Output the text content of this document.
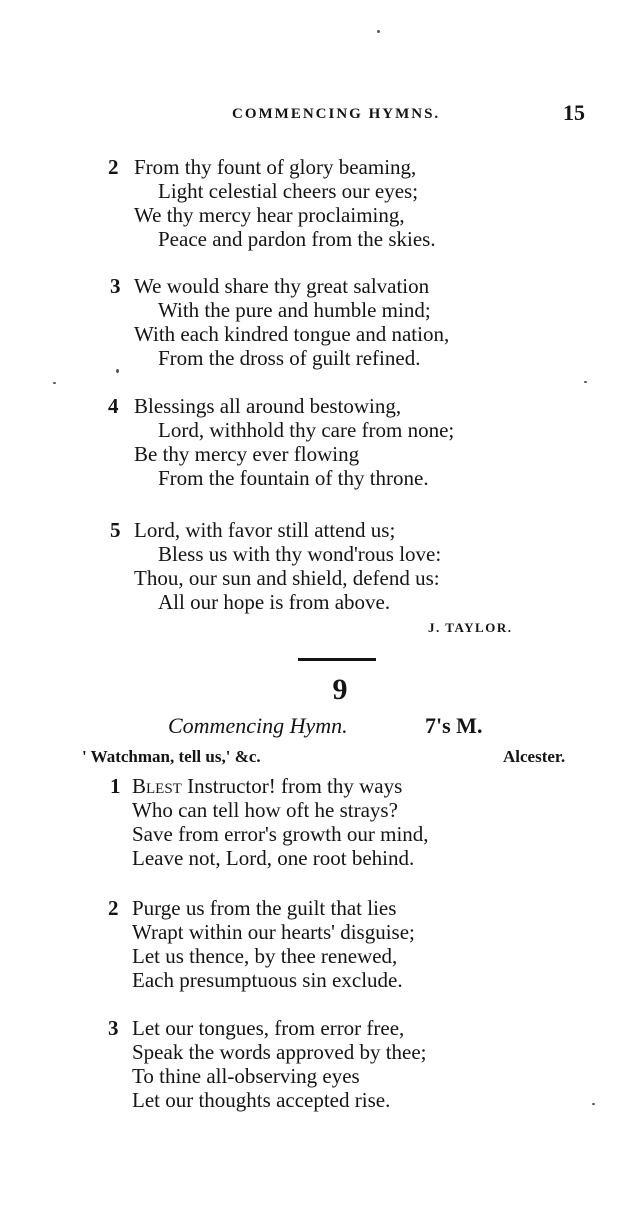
COMMENCING HYMNS.	15
2 From thy fount of glory beaming,
Light celestial cheers our eyes;
We thy mercy hear proclaiming,
Peace and pardon from the skies.
3 We would share thy great salvation
With the pure and humble mind;
With each kindred tongue and nation,
From the dross of guilt refined.
4 Blessings all around bestowing,
Lord, withhold thy care from none;
Be thy mercy ever flowing
From the fountain of thy throne.
5 Lord, with favor still attend us;
Bless us with thy wond'rous love:
Thou, our sun and shield, defend us:
All our hope is from above.
J. TAYLOR.
9
Commencing Hymn.	7's M.
' Watchman, tell us,' &c.	Alcester.
1 Blest Instructor! from thy ways
Who can tell how oft he strays?
Save from error's growth our mind,
Leave not, Lord, one root behind.
2 Purge us from the guilt that lies
Wrapt within our hearts' disguise;
Let us thence, by thee renewed,
Each presumptuous sin exclude.
3 Let our tongues, from error free,
Speak the words approved by thee;
To thine all-observing eyes
Let our thoughts accepted rise.
